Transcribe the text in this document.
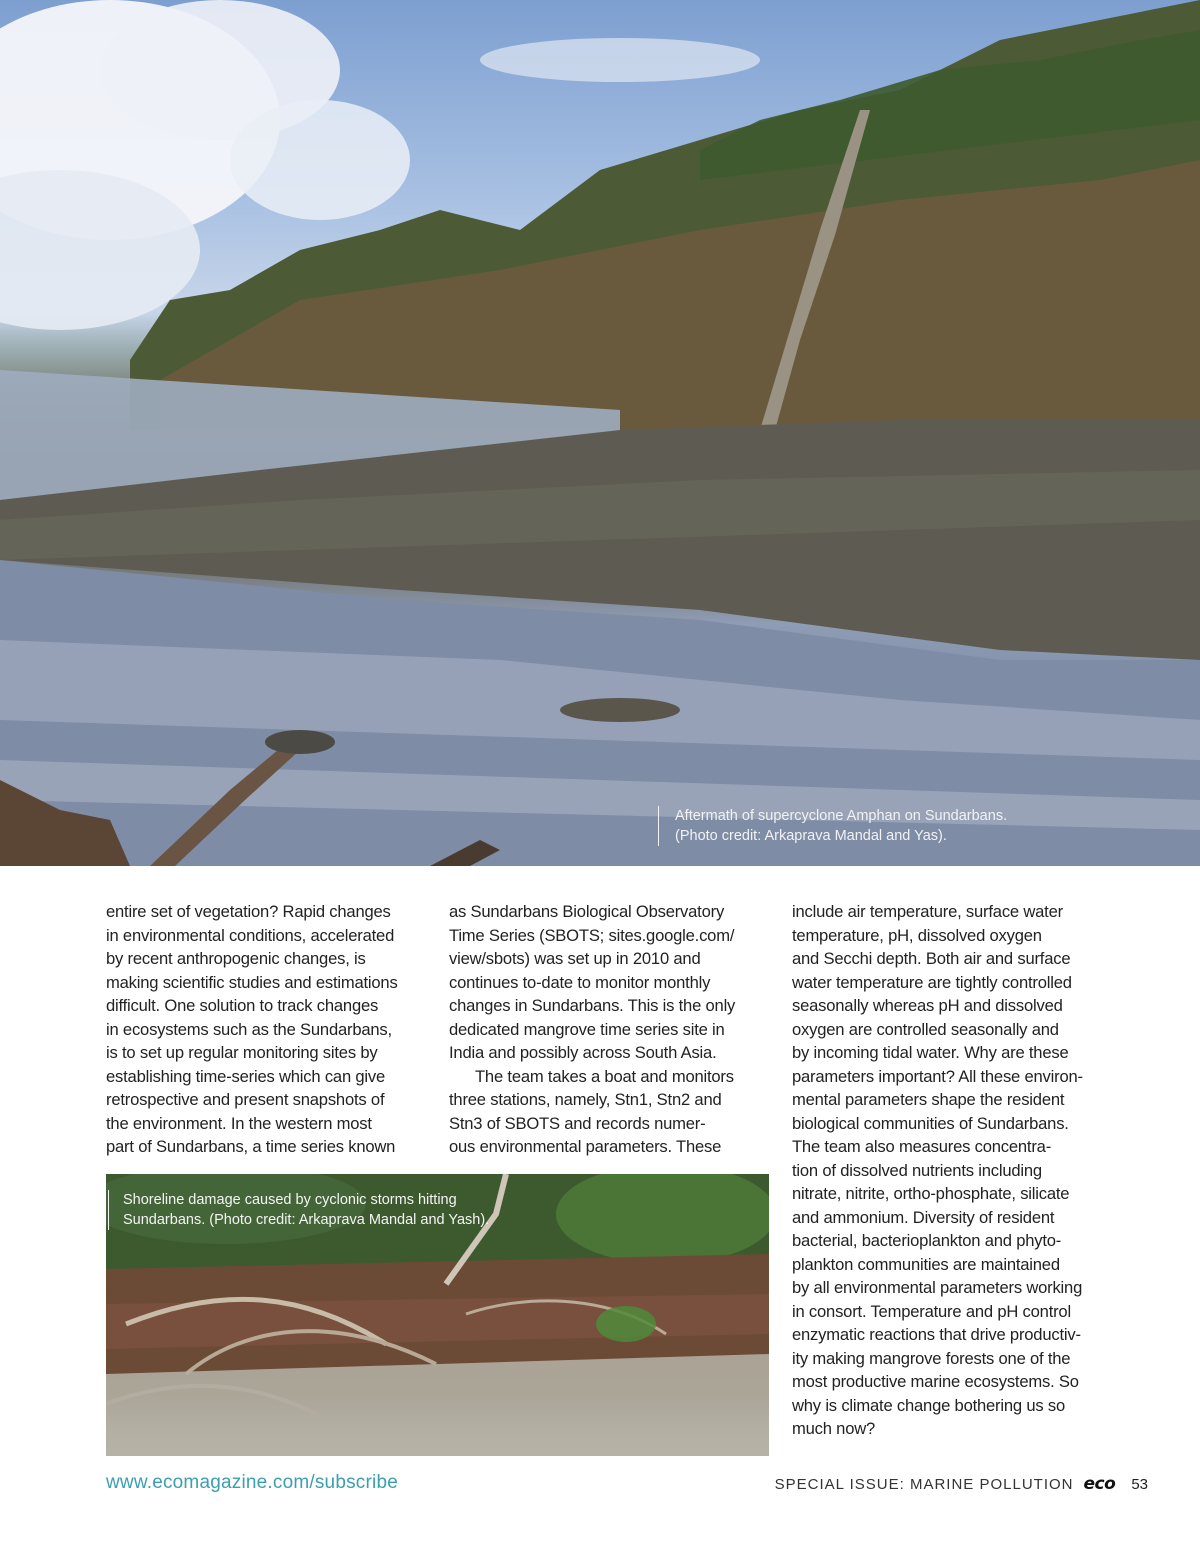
Aftermath of supercyclone Amphan on Sundarbans.
(Photo credit: Arkaprava Mandal and Yas).

entire set of vegetation? Rapid changes
in environmental conditions, accelerated
by recent anthropogenic changes, is
making scientific studies and estimations
difficult. One solution to track changes
in ecosystems such as the Sundarbans,
is to set up regular monitoring sites by
establishing time-series which can give
retrospective and present snapshots of
the environment. In the western most
part of Sundarbans, a time series known

as Sundarbans Biological Observatory
Time Series (SBOTS; sites.google.com/
view/sbots) was set up in 2010 and
continues to-date to monitor monthly
changes in Sundarbans. This is the only
dedicated mangrove time series site in
India and possibly across South Asia.

The team takes a boat and monitors
three stations, namely, Stn1, Stn2 and
Stn3 of SBOTS and records numer-
ous environmental parameters. These

include air temperature, surface water
temperature, pH, dissolved oxygen
and Secchi depth. Both air and surface
water temperature are tightly controlled
seasonally whereas pH and dissolved
oxygen are controlled seasonally and
by incoming tidal water. Why are these
parameters important? All these environ-
mental parameters shape the resident
biological communities of Sundarbans.
The team also measures concentra-
tion of dissolved nutrients including
nitrate, nitrite, ortho-phosphate, silicate
and ammonium. Diversity of resident
bacterial, bacterioplankton and phyto-
plankton communities are maintained
by all environmental parameters working
in consort. Temperature and pH control
enzymatic reactions that drive productiv-
ity making mangrove forests one of the
most productive marine ecosystems. So
why is climate change bothering us so
much now?

Shoreline damage caused by cyclonic storms hitting
Sundarbans. (Photo credit: Arkaprava Mandal and Yash).
www.ecomagazine.com/subscribe	SPECIAL ISSUE: MARINE POLLUTION eco 53
